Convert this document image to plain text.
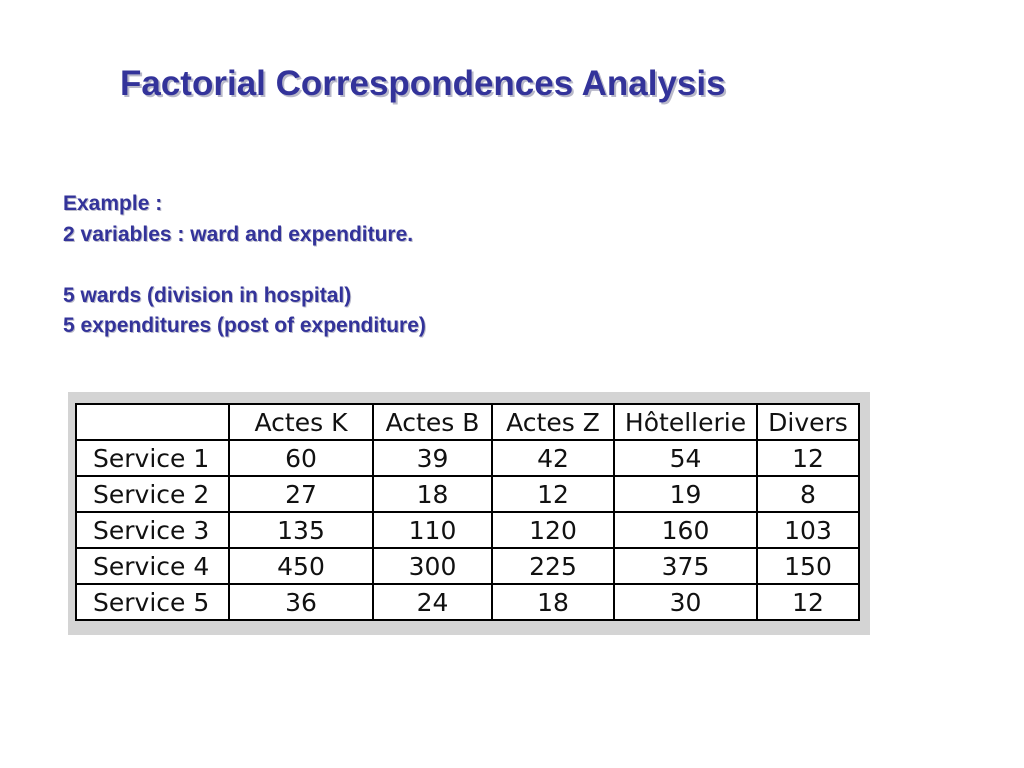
Factorial Correspondences Analysis
Example :
2 variables : ward and expenditure.
5 wards (division in hospital)
5 expenditures (post of expenditure)
	Actes K	Actes B	Actes Z	Hôtellerie	Divers
Service 1	60	39	42	54	12
Service 2	27	18	12	19	8
Service 3	135	110	120	160	103
Service 4	450	300	225	375	150
Service 5	36	24	18	30	12
